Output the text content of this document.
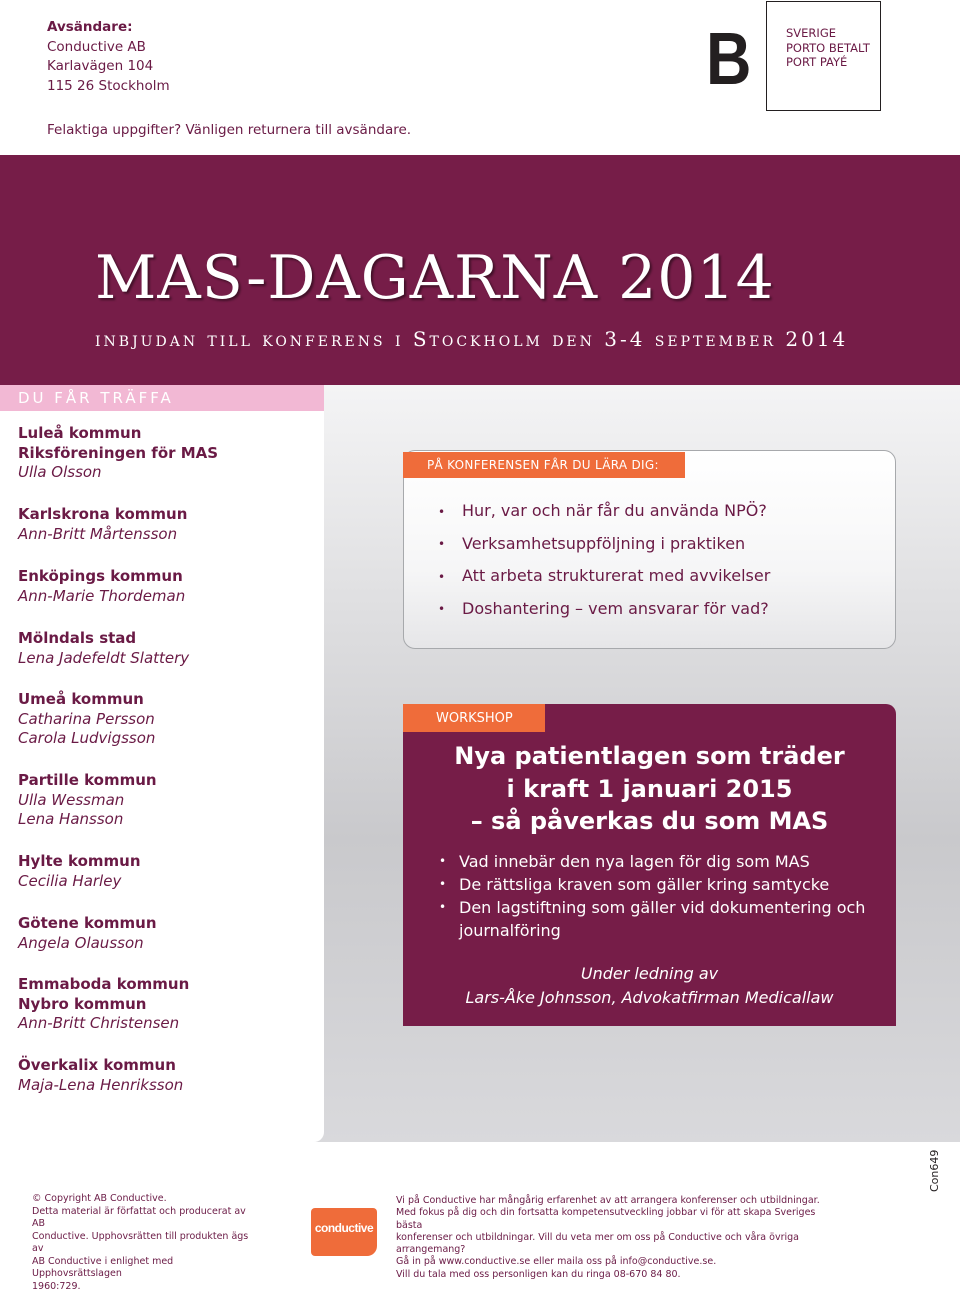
Avsändare:
Conductive AB
Karlavägen 104
115 26 Stockholm
Felaktiga uppgifter? Vänligen returnera till avsändare.
B	SVERIGE
PORTO BETALT
PORT PAYÉ
MAS-DAGARNA 2014
inbjudan till konferens i Stockholm den 3-4 september 2014
DU FÅR TRÄFFA
Luleå kommun
Riksföreningen för MAS
Ulla Olsson
Karlskrona kommun
Ann-Britt Mårtensson
Enköpings kommun
Ann-Marie Thordeman
Mölndals stad
Lena Jadefeldt Slattery
Umeå kommun
Catharina Persson
Carola Ludvigsson
Partille kommun
Ulla Wessman
Lena Hansson
Hylte kommun
Cecilia Harley
Götene kommun
Angela Olausson
Emmaboda kommun
Nybro kommun
Ann-Britt Christensen
Överkalix kommun
Maja-Lena Henriksson
PÅ KONFERENSEN FÅR DU LÄRA DIG:
• Hur, var och när får du använda NPÖ?
• Verksamhetsuppföljning i praktiken
• Att arbeta strukturerat med avvikelser
• Doshantering – vem ansvarar för vad?
WORKSHOP
Nya patientlagen som träder
i kraft 1 januari 2015
– så påverkas du som MAS
• Vad innebär den nya lagen för dig som MAS
• De rättsliga kraven som gäller kring samtycke
• Den lagstiftning som gäller vid dokumentering och journalföring
Under ledning av
Lars-Åke Johnsson, Advokatfirman Medicallaw
© Copyright AB Conductive.
Detta material är författat och producerat av AB
Conductive. Upphovsrätten till produkten ägs av
AB Conductive i enlighet med Upphovsrättslagen
1960:729.
conductive
Vi på Conductive har mångårig erfarenhet av att arrangera konferenser och utbildningar.
Med fokus på dig och din fortsatta kompetensutveckling jobbar vi för att skapa Sveriges bästa
konferenser och utbildningar. Vill du veta mer om oss på Conductive och våra övriga arrangemang?
Gå in på www.conductive.se eller maila oss på info@conductive.se.
Vill du tala med oss personligen kan du ringa 08-670 84 80.
Con649
